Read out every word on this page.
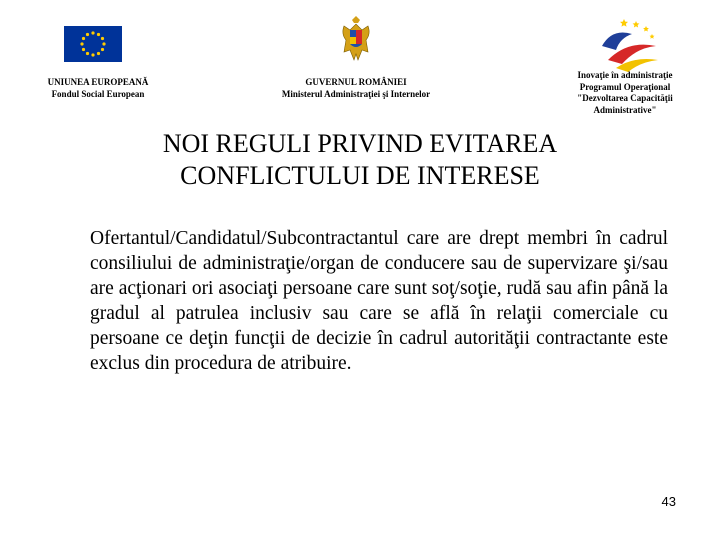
UNIUNEA EUROPEANĂ
Fondul Social European
GUVERNUL ROMÂNIEI
Ministerul Administraţiei şi Internelor
Inovaţie în administraţie
Programul Operaţional
"Dezvoltarea Capacităţii
Administrative"
NOI REGULI PRIVIND EVITAREA
CONFLICTULUI DE INTERESE
Ofertantul/Candidatul/Subcontractantul care are drept membri în cadrul consiliului de administraţie/organ de conducere sau de supervizare şi/sau are acţionari ori asociaţi persoane care sunt soţ/soţie, rudă sau afin până la gradul al patrulea inclusiv sau care se află în relaţii comerciale cu persoane ce deţin funcţii de decizie în cadrul autorităţii contractante este exclus din procedura de atribuire.
43
